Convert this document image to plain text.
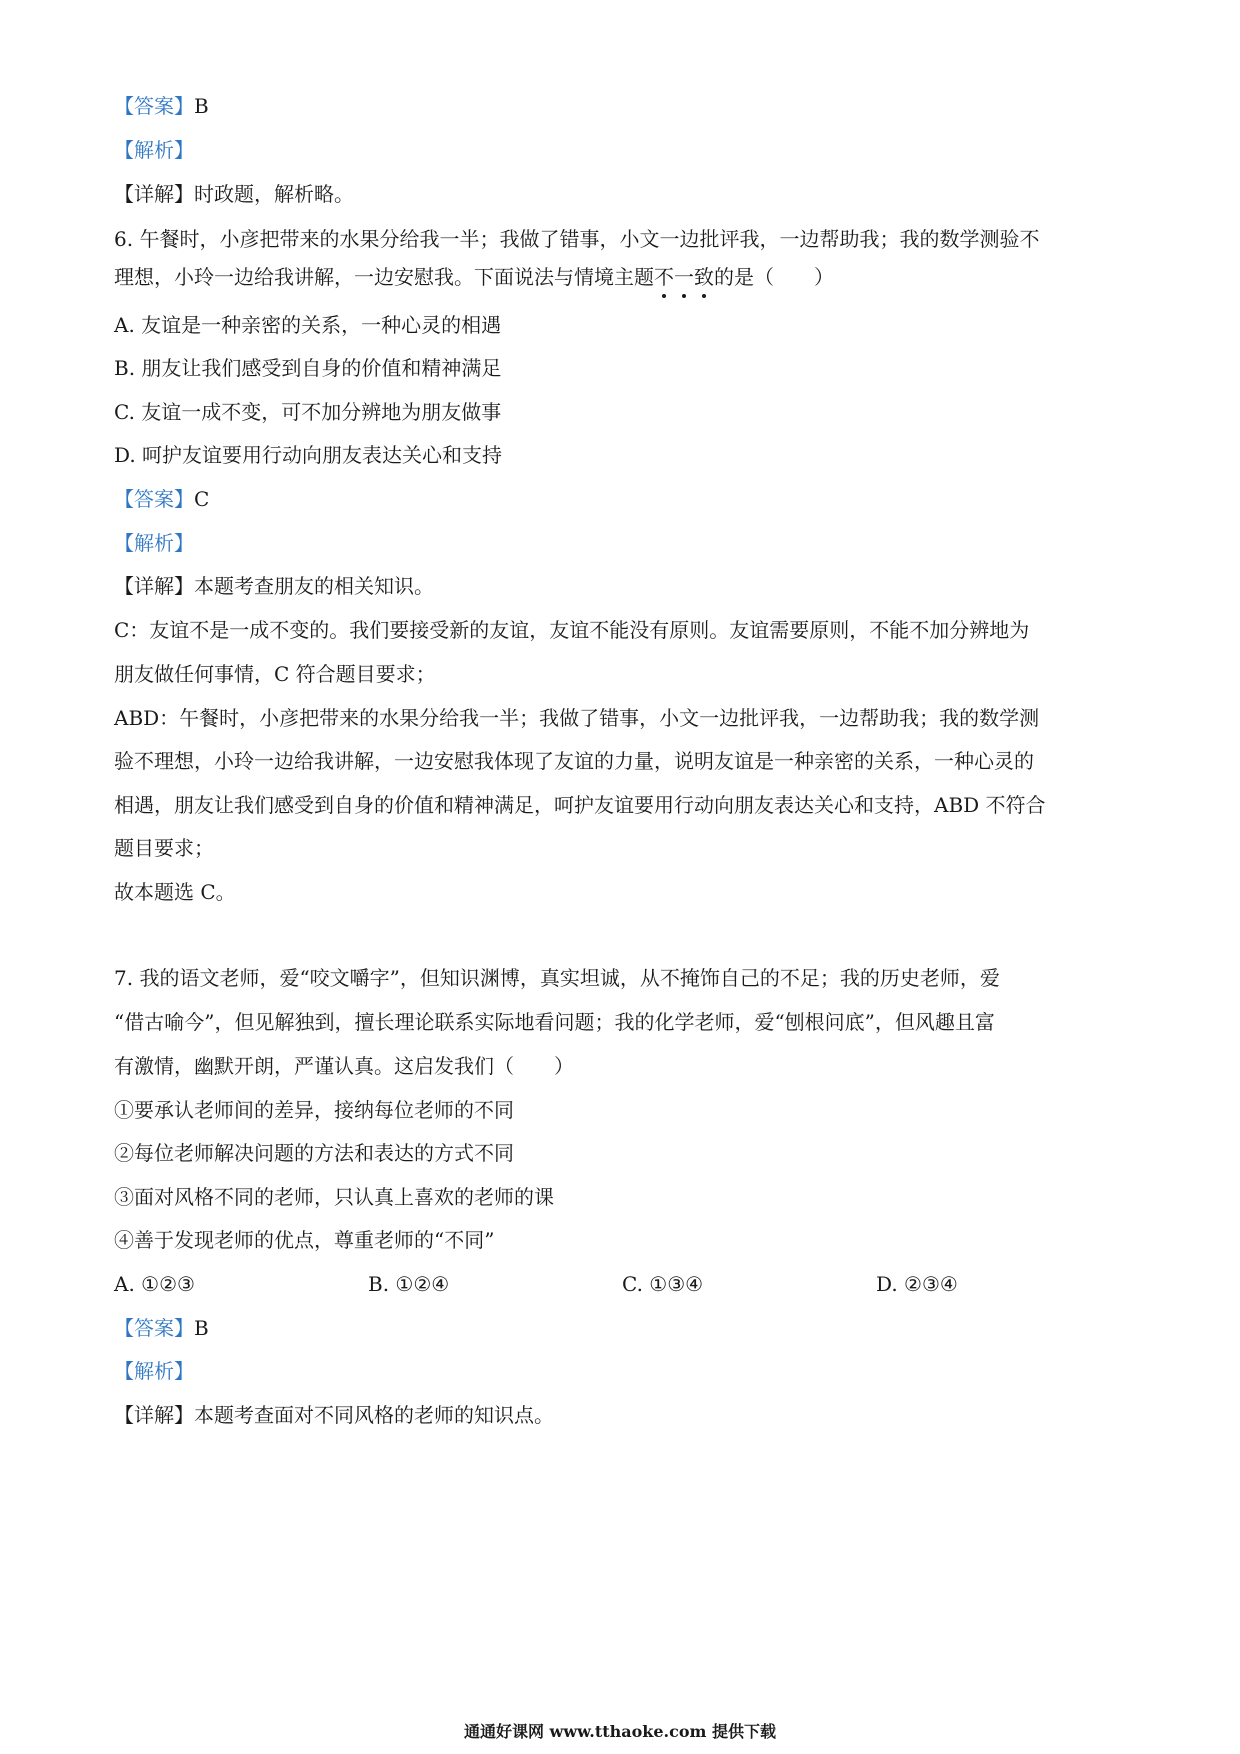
【答案】B
【解析】
【详解】时政题，解析略。
6. 午餐时，小彦把带来的水果分给我一半；我做了错事，小文一边批评我，一边帮助我；我的数学测验不
理想，小玲一边给我讲解，一边安慰我。下面说法与情境主题不一致的是（　　）
A. 友谊是一种亲密的关系，一种心灵的相遇
B. 朋友让我们感受到自身的价值和精神满足
C. 友谊一成不变，可不加分辨地为朋友做事
D. 呵护友谊要用行动向朋友表达关心和支持
【答案】C
【解析】
【详解】本题考查朋友的相关知识。
C：友谊不是一成不变的。我们要接受新的友谊，友谊不能没有原则。友谊需要原则，不能不加分辨地为
朋友做任何事情，C 符合题目要求；
ABD：午餐时，小彦把带来的水果分给我一半；我做了错事，小文一边批评我，一边帮助我；我的数学测
验不理想，小玲一边给我讲解，一边安慰我体现了友谊的力量，说明友谊是一种亲密的关系，一种心灵的
相遇，朋友让我们感受到自身的价值和精神满足，呵护友谊要用行动向朋友表达关心和支持，ABD 不符合
题目要求；
故本题选 C。
7. 我的语文老师，爱“咬文嚼字”，但知识渊博，真实坦诚，从不掩饰自己的不足；我的历史老师，爱
“借古喻今”，但见解独到，擅长理论联系实际地看问题；我的化学老师，爱“刨根问底”，但风趣且富
有激情，幽默开朗，严谨认真。这启发我们（　　）
①要承认老师间的差异，接纳每位老师的不同
②每位老师解决问题的方法和表达的方式不同
③面对风格不同的老师，只认真上喜欢的老师的课
④善于发现老师的优点，尊重老师的“不同”
A. ①②③	B. ①②④	C. ①③④	D. ②③④
【答案】B
【解析】
【详解】本题考查面对不同风格的老师的知识点。
通通好课网 www.tthaoke.com 提供下载
